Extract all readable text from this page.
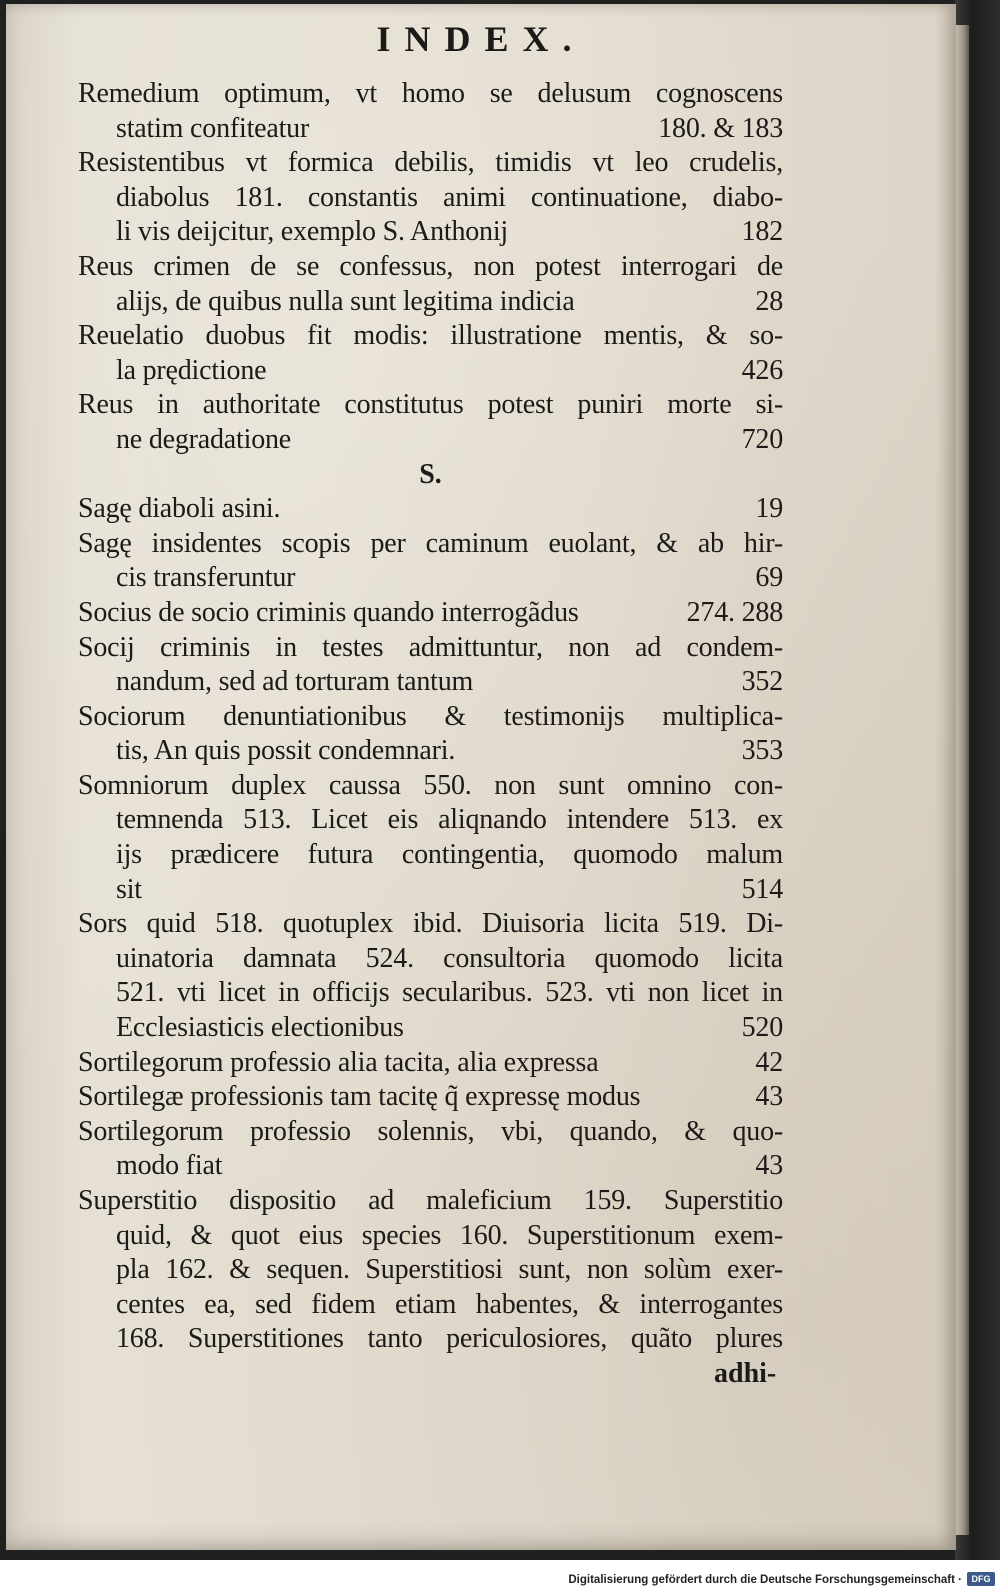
INDEX.
Remedium optimum, vt homo se delusum cognoscens
statim confiteatur	180. & 183
Resistentibus vt formica debilis, timidis vt leo crudelis,
diabolus 181. constantis animi continuatione, diabo-
li vis deijcitur, exemplo S. Anthonij	182
Reus crimen de se confessus, non potest interrogari de
alijs, de quibus nulla sunt legitima indicia	28
Reuelatio duobus fit modis: illustratione mentis, & so-
la prędictione	426
Reus in authoritate constitutus potest puniri morte si-
ne degradatione	720
S.
Sagę diaboli asini.	19
Sagę insidentes scopis per caminum euolant, & ab hir-
cis transferuntur	69
Socius de socio criminis quando interrogãdus	274. 288
Socij criminis in testes admittuntur, non ad condem-
nandum, sed ad torturam tantum	352
Sociorum denuntiationibus & testimonijs multiplica-
tis, An quis possit condemnari.	353
Somniorum duplex caussa 550. non sunt omnino con-
temnenda 513. Licet eis aliqnando intendere 513. ex
ijs prædicere futura contingentia, quomodo malum
sit	514
Sors quid 518. quotuplex ibid. Diuisoria licita 519. Di-
uinatoria damnata 524. consultoria quomodo licita
521. vti licet in officijs secularibus. 523. vti non licet in
Ecclesiasticis electionibus	520
Sortilegorum professio alia tacita, alia expressa	42
Sortilegæ professionis tam tacitę q̃ expressę modus	43
Sortilegorum professio solennis, vbi, quando, & quo-
modo fiat	43
Superstitio dispositio ad maleficium 159. Superstitio
quid, & quot eius species 160. Superstitionum exem-
pla 162. & sequen. Superstitiosi sunt, non solùm exer-
centes ea, sed fidem etiam habentes, & interrogantes
168. Superstitiones tanto periculosiores, quãto plures
adhi-
Digitalisierung gefördert durch die Deutsche Forschungsgemeinschaft ·	DFG
